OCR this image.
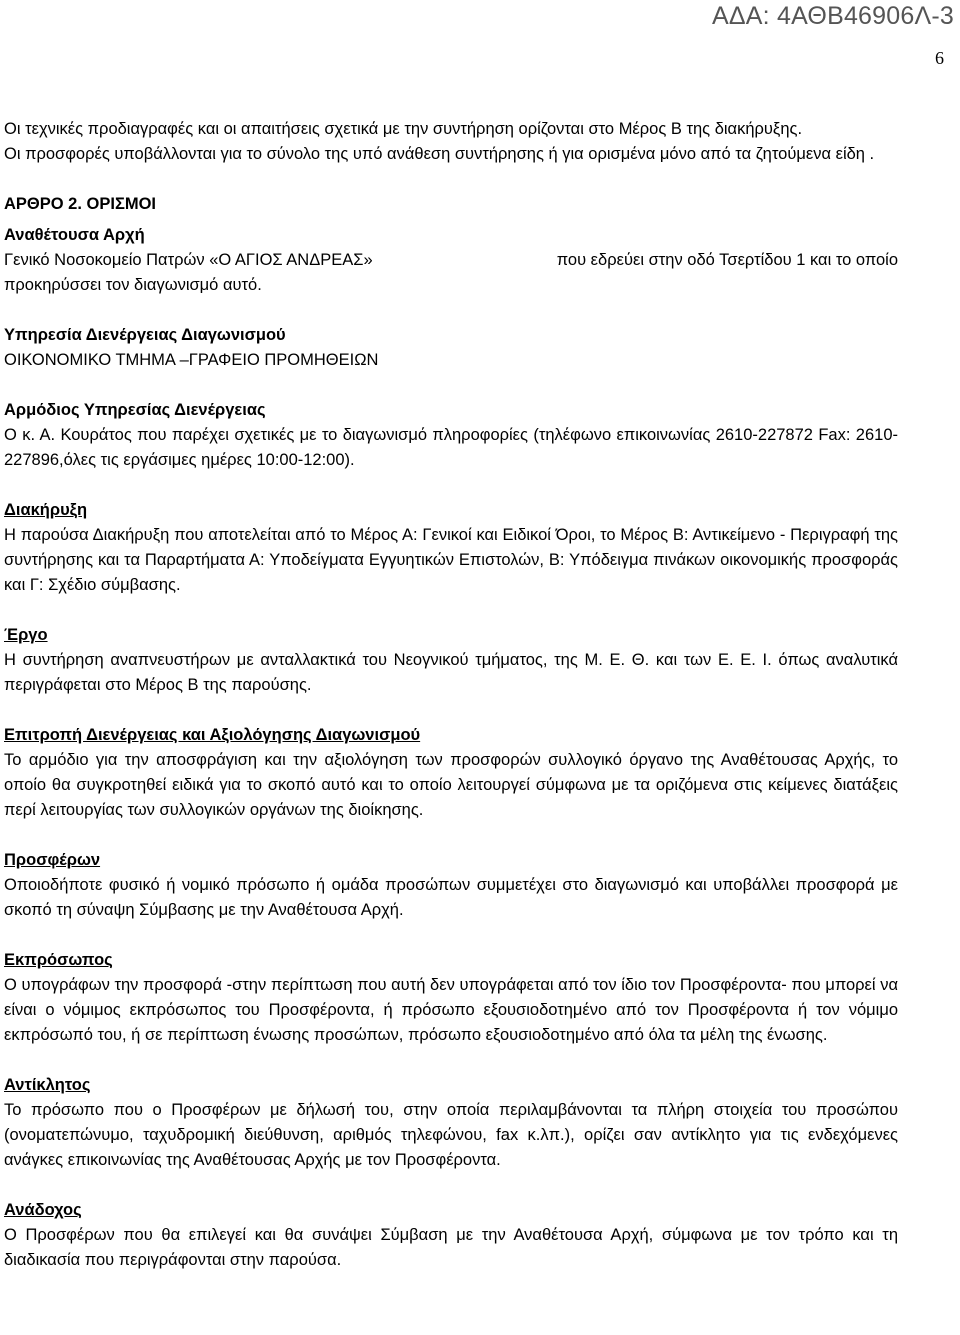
ΑΔΑ: 4ΑΘΒ46906Λ-3
6

Οι τεχνικές προδιαγραφές και οι απαιτήσεις σχετικά με την συντήρηση ορίζονται στο Μέρος Β της διακήρυξης.

Οι προσφορές υποβάλλονται για το σύνολο της υπό ανάθεση συντήρησης ή για ορισμένα μόνο από τα ζητούμενα είδη .

ΑΡΘΡΟ 2. ΟΡΙΣΜΟΙ

Αναθέτουσα Αρχή

Γενικό Νοσοκομείο Πατρών «Ο ΑΓΙΟΣ ΑΝΔΡΕΑΣ»	που εδρεύει στην οδό Τσερτίδου 1 και το οποίο

προκηρύσσει τον διαγωνισμό αυτό.

Υπηρεσία Διενέργειας Διαγωνισμού

ΟΙΚΟΝΟΜΙΚΟ ΤΜΗΜΑ –ΓΡΑΦΕΙΟ ΠΡΟΜΗΘΕΙΩΝ

Αρμόδιος Υπηρεσίας Διενέργειας

Ο κ. Α. Κουράτος που παρέχει σχετικές με το διαγωνισμό πληροφορίες (τηλέφωνο επικοινωνίας 2610-227872 Fax: 2610-227896,όλες τις εργάσιμες ημέρες 10:00-12:00).

Διακήρυξη

Η παρούσα Διακήρυξη που αποτελείται από το Μέρος Α: Γενικοί και Ειδικοί Όροι, το Μέρος Β: Αντικείμενο - Περιγραφή της συντήρησης και τα Παραρτήματα Α: Υποδείγματα Εγγυητικών Επιστολών, Β: Υπόδειγμα πινάκων οικονομικής προσφοράς και Γ: Σχέδιο σύμβασης.

Έργο

Η συντήρηση αναπνευστήρων με ανταλλακτικά του Νεογνικού τμήματος, της Μ. Ε. Θ. και των Ε. Ε. Ι. όπως αναλυτικά περιγράφεται στο Μέρος Β της παρούσης.

Επιτροπή Διενέργειας και Αξιολόγησης Διαγωνισμού

Το αρμόδιο για την αποσφράγιση και την αξιολόγηση των προσφορών συλλογικό όργανο της Αναθέτουσας Αρχής, το οποίο θα συγκροτηθεί ειδικά για το σκοπό αυτό και το οποίο λειτουργεί σύμφωνα με τα οριζόμενα στις κείμενες διατάξεις περί λειτουργίας των συλλογικών οργάνων της διοίκησης.

Προσφέρων

Οποιοδήποτε φυσικό ή νομικό πρόσωπο ή ομάδα προσώπων συμμετέχει στο διαγωνισμό και υποβάλλει προσφορά με σκοπό τη σύναψη Σύμβασης με την Αναθέτουσα Αρχή.

Εκπρόσωπος

Ο υπογράφων την προσφορά -στην περίπτωση που αυτή δεν υπογράφεται από τον ίδιο τον Προσφέροντα- που μπορεί να είναι ο νόμιμος εκπρόσωπος του Προσφέροντα, ή πρόσωπο εξουσιοδοτημένο από τον Προσφέροντα ή τον νόμιμο εκπρόσωπό του, ή σε περίπτωση ένωσης προσώπων, πρόσωπο εξουσιοδοτημένο από όλα τα μέλη της ένωσης.

Αντίκλητος

Το πρόσωπο που ο Προσφέρων με δήλωσή του, στην οποία περιλαμβάνονται τα πλήρη στοιχεία του προσώπου (ονοματεπώνυμο, ταχυδρομική διεύθυνση, αριθμός τηλεφώνου, fax κ.λπ.), ορίζει σαν αντίκλητο για τις ενδεχόμενες ανάγκες επικοινωνίας της Αναθέτουσας Αρχής με τον Προσφέροντα.

Ανάδοχος

Ο Προσφέρων που θα επιλεγεί και θα συνάψει Σύμβαση με την Αναθέτουσα Αρχή, σύμφωνα με τον τρόπο και τη διαδικασία που περιγράφονται στην παρούσα.
